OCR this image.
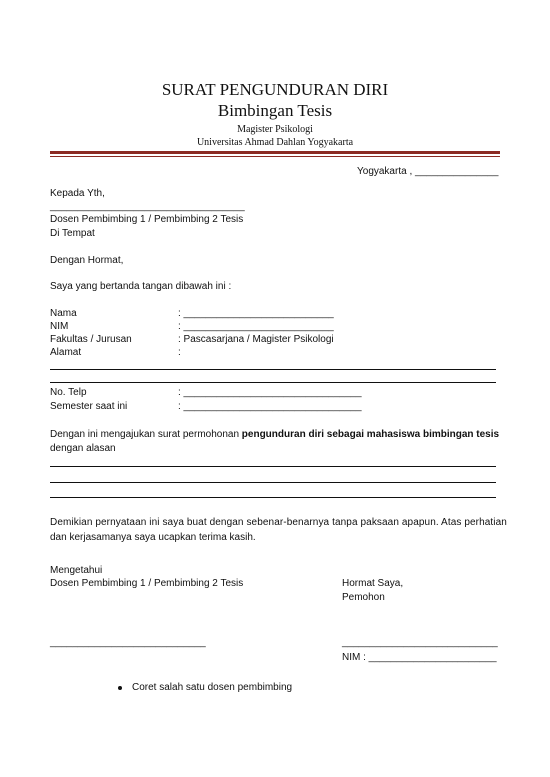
SURAT PENGUNDURAN DIRI
Bimbingan Tesis
Magister Psikologi
Universitas Ahmad Dahlan Yogyakarta
Yogyakarta , _______________
Kepada Yth,
___________________________________
Dosen Pembimbing 1 / Pembimbing 2 Tesis
Di Tempat
Dengan Hormat,
Saya yang bertanda tangan dibawah ini :
Nama	: ___________________________
NIM	: ___________________________
Fakultas / Jurusan	: Pascasarjana / Magister Psikologi
Alamat	:
No. Telp	: ________________________________
Semester saat ini	: ________________________________
Dengan ini mengajukan surat permohonan pengunduran diri sebagai mahasiswa bimbingan tesis
dengan alasan
Demikian pernyataan ini saya buat dengan sebenar-benarnya tanpa paksaan apapun. Atas perhatian
dan kerjasamanya saya ucapkan terima kasih.
Mengetahui
Dosen Pembimbing 1 / Pembimbing 2 Tesis	Hormat Saya,
Pemohon
____________________________	____________________________
NIM : _______________________
Coret salah satu dosen pembimbing
